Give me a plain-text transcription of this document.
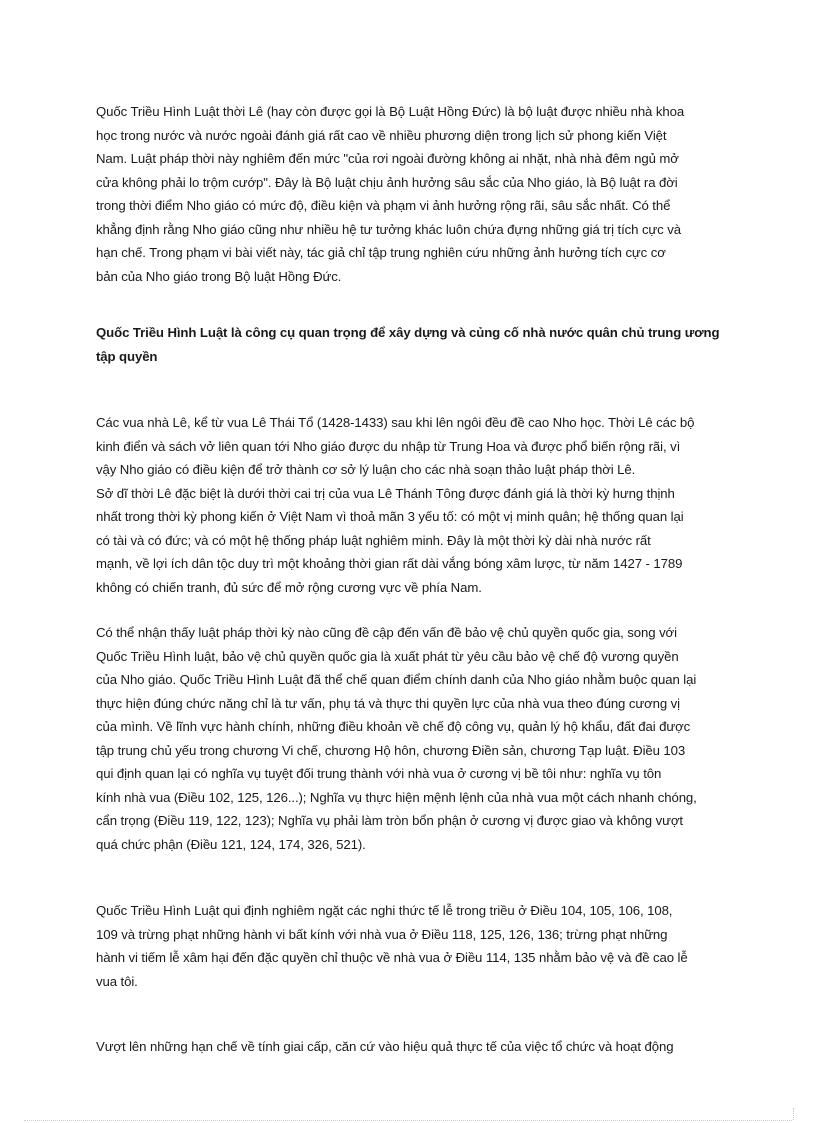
Quốc Triều Hình Luật thời Lê (hay còn được gọi là Bộ Luật Hồng Đức) là bộ luật được nhiều nhà khoa
học trong nước và nước ngoài đánh giá rất cao về nhiều phương diện trong lịch sử phong kiến Việt
Nam. Luật pháp thời này nghiêm đến mức "của rơi ngoài đường không ai nhặt, nhà nhà đêm ngủ mở
cửa không phải lo trộm cướp". Đây là Bộ luật chịu ảnh hưởng sâu sắc của Nho giáo, là Bộ luật ra đời
trong thời điểm Nho giáo có mức độ, điều kiện và phạm vi ảnh hưởng rộng rãi, sâu sắc nhất. Có thể
khẳng định rằng Nho giáo cũng như nhiều hệ tư tưởng khác luôn chứa đựng những giá trị tích cực và
hạn chế. Trong phạm vi bài viết này, tác giả chỉ tập trung nghiên cứu những ảnh hưởng tích cực cơ
bản của Nho giáo trong Bộ luật Hồng Đức.

Quốc Triều Hình Luật là công cụ quan trọng để xây dựng và củng cố nhà nước quân chủ trung ương
tập quyền

Các vua nhà Lê, kể từ vua Lê Thái Tổ (1428-1433) sau khi lên ngôi đều đề cao Nho học. Thời Lê các bộ
kinh điển và sách vở liên quan tới Nho giáo được du nhập từ Trung Hoa và được phổ biến rộng rãi, vì
vậy Nho giáo có điều kiện để trở thành cơ sở lý luận cho các nhà soạn thảo luật pháp thời Lê.
Sở dĩ thời Lê đặc biệt là dưới thời cai trị của vua Lê Thánh Tông được đánh giá là thời kỳ hưng thịnh
nhất trong thời kỳ phong kiến ở Việt Nam vì thoả mãn 3 yếu tố: có một vị minh quân; hệ thống quan lại
có tài và có đức; và có một hệ thống pháp luật nghiêm minh. Đây là một thời kỳ dài nhà nước rất
mạnh, về lợi ích dân tộc duy trì một khoảng thời gian rất dài vắng bóng xâm lược, từ năm 1427 - 1789
không có chiến tranh, đủ sức để mở rộng cương vực về phía Nam.

Có thể nhận thấy luật pháp thời kỳ nào cũng đề cập đến vấn đề bảo vệ chủ quyền quốc gia, song với
Quốc Triều Hình luật, bảo vệ chủ quyền quốc gia là xuất phát từ yêu cầu bảo vệ chế độ vương quyền
của Nho giáo. Quốc Triều Hình Luật đã thể chế quan điểm chính danh của Nho giáo nhằm buộc quan lại
thực hiện đúng chức năng chỉ là tư vấn, phụ tá và thực thi quyền lực của nhà vua theo đúng cương vị
của mình. Về lĩnh vực hành chính, những điều khoản về chế độ công vụ, quản lý hộ khẩu, đất đai được
tập trung chủ yếu trong chương Vi chế, chương Hộ hôn, chương Điền sản, chương Tạp luật. Điều 103
qui định quan lại có nghĩa vụ tuyệt đối trung thành với nhà vua ở cương vị bề tôi như: nghĩa vụ tôn
kính nhà vua (Điều 102, 125, 126...); Nghĩa vụ thực hiện mệnh lệnh của nhà vua một cách nhanh chóng,
cẩn trọng (Điều 119, 122, 123); Nghĩa vụ phải làm tròn bổn phận ở cương vị được giao và không vượt
quá chức phận (Điều 121, 124, 174, 326, 521).

Quốc Triều Hình Luật qui định nghiêm ngặt các nghi thức tế lễ trong triều ở Điều 104, 105, 106, 108,
109 và trừng phạt những hành vi bất kính với nhà vua ở Điều 118, 125, 126, 136; trừng phạt những
hành vi tiếm lễ xâm hại đến đặc quyền chỉ thuộc về nhà vua ở Điều 114, 135 nhằm bảo vệ và đề cao lễ
vua tôi.

Vượt lên những hạn chế về tính giai cấp, căn cứ vào hiệu quả thực tế của việc tổ chức và hoạt động
